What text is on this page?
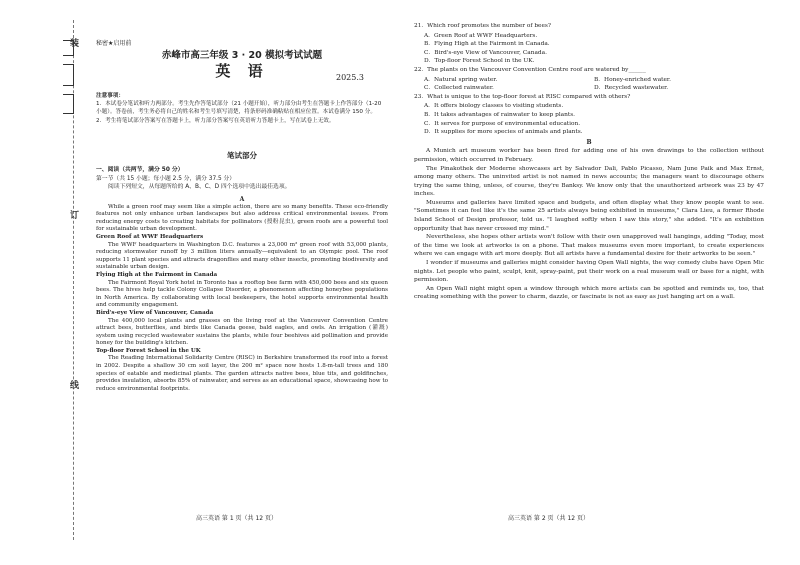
装
订
线
秘密★启用前
赤峰市高三年级 3 · 20 模拟考试试题
英 语	2025.3
注意事项：
1．本试卷分笔试和听力两部分。考生先作答笔试部分（21 小题开始），听力部分由考生在答题卡上作答部分（1-20 小题）。答卷前，考生务必将自己的姓名和考生号填写清楚，将条形码准确粘贴在相应位置。本试卷满分 150 分。
2．考生将笔试部分答案写在答题卡上，听力部分答案写在英语听力答题卡上，写在试卷上无效。
笔试部分
一、阅读（共两节，满分 50 分）
第一节（共 15 小题；每小题 2.5 分，满分 37.5 分）
阅读下列短文，从每题所给的 A、B、C、D 四个选项中选出最佳选项。
A

While a green roof may seem like a simple action, there are so many benefits. These eco-friendly features not only enhance urban landscapes but also address critical environmental issues. From reducing energy costs to creating habitats for pollinators (授粉昆虫), green roofs are a powerful tool for sustainable urban development.

Green Roof at WWF Headquarters

The WWF headquarters in Washington D.C. features a 23,000 m² green roof with 53,000 plants, reducing stormwater runoff by 3 million liters annually—equivalent to an Olympic pool. The roof supports 11 plant species and attracts dragonflies and many other insects, promoting biodiversity and sustainable urban design.

Flying High at the Fairmont in Canada

The Fairmont Royal York hotel in Toronto has a rooftop bee farm with 450,000 bees and six queen bees. The hives help tackle Colony Collapse Disorder, a phenomenon affecting honeybee populations in North America. By collaborating with local beekeepers, the hotel supports environmental health and community engagement.

Bird's-eye View of Vancouver, Canada

The 400,000 local plants and grasses on the living roof at the Vancouver Convention Centre attract bees, butterflies, and birds like Canada geese, bald eagles, and owls. An irrigation (灌溉) system using recycled wastewater sustains the plants, while four beehives aid pollination and provide honey for the building's kitchen.

Top-floor Forest School in the UK

The Reading International Solidarity Centre (RISC) in Berkshire transformed its roof into a forest in 2002. Despite a shallow 30 cm soil layer, the 200 m² space now hosts 1.8-m-tall trees and 180 species of eatable and medicinal plants. The garden attracts native bees, blue tits, and goldfinches, provides insulation, absorbs 85% of rainwater, and serves as an educational space, showcasing how to reduce environmental footprints.

高三英语 第 1 页（共 12 页）

21．Which roof promotes the number of bees?

A．Green Roof at WWF Headquarters.

B．Flying High at the Fairmont in Canada.

C．Bird's-eye View of Vancouver, Canada.

D．Top-floor Forest School in the UK.

22．The plants on the Vancouver Convention Centre roof are watered by______

A．Natural spring water.	B．Honey-enriched water.
C．Collected rainwater.	D．Recycled wastewater.

23．What is unique to the top-floor forest at RISC compared with others?

A．It offers biology classes to visiting students.

B．It takes advantages of rainwater to keep plants.

C．It serves for purpose of environmental education.

D．It supplies for more species of animals and plants.

B

A Munich art museum worker has been fired for adding one of his own drawings to the collection without permission, which occurred in February.

The Pinakothek der Moderne showcases art by Salvador Dali, Pablo Picasso, Nam June Paik and Max Ernst, among many others. The uninvited artist is not named in news accounts; the managers want to discourage others trying the same thing, unless, of course, they're Banksy. We know only that the unauthorized artwork was 23 by 47 inches.

Museums and galleries have limited space and budgets, and often display what they know people want to see. "Sometimes it can feel like it's the same 25 artists always being exhibited in museums," Clara Lieu, a former Rhode Island School of Design professor, told us. "I laughed softly when I saw this story," she added. "It's an exhibition opportunity that has never crossed my mind."

Nevertheless, she hopes other artists won't follow with their own unapproved wall hangings, adding "Today, most of the time we look at artworks is on a phone. That makes museums even more important, to create experiences where we can engage with art more deeply. But all artists have a fundamental desire for their artworks to be seen."

I wonder if museums and galleries might consider having Open Wall nights, the way comedy clubs have Open Mic nights. Let people who paint, sculpt, knit, spray-paint, put their work on a real museum wall or base for a night, with permission.

An Open Wall night might open a window through which more artists can be spotted and reminds us, too, that creating something with the power to charm, dazzle, or fascinate is not as easy as just hanging art on a wall.

高三英语 第 2 页（共 12 页）
